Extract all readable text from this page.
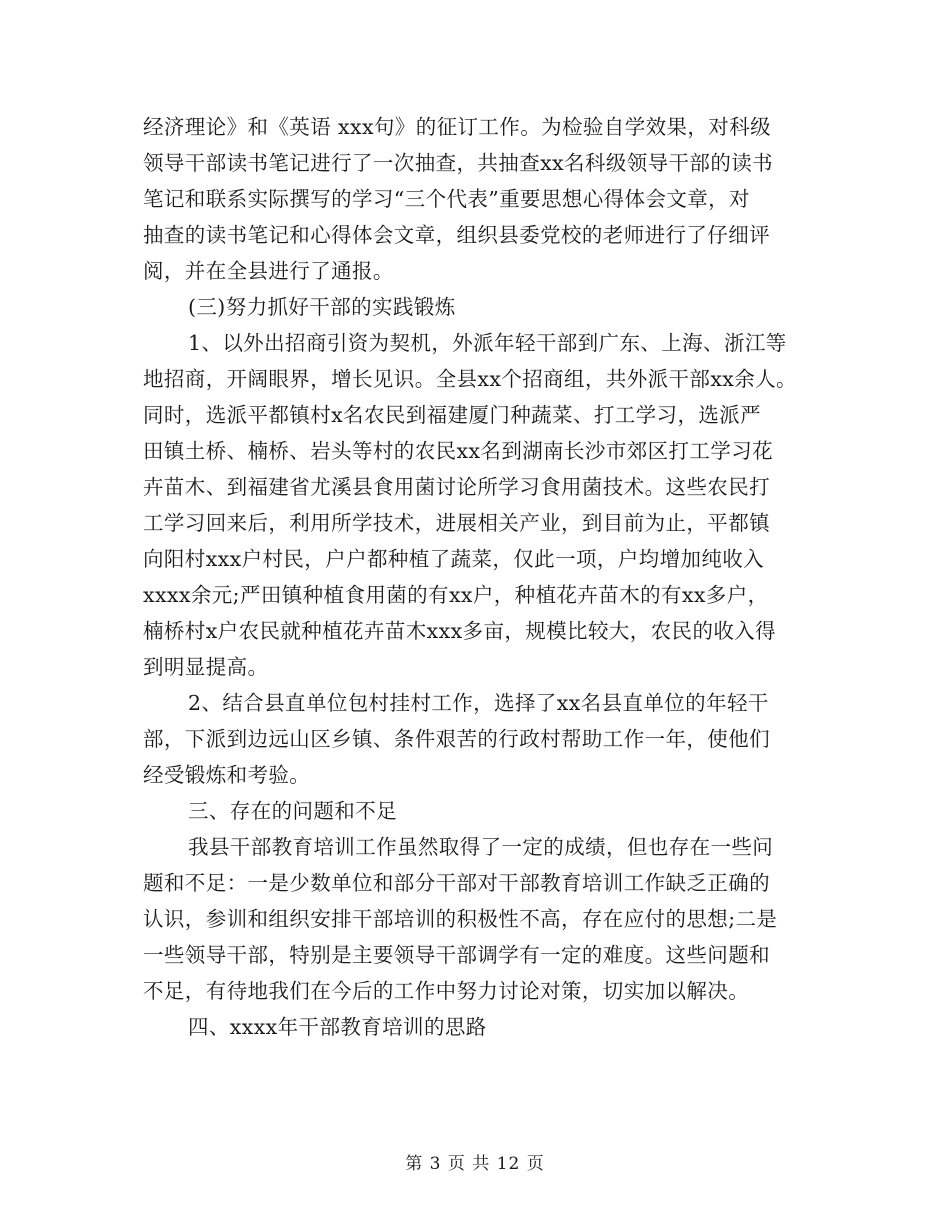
经济理论》和《英语 xxx句》的征订工作。为检验自学效果，对科级
领导干部读书笔记进行了一次抽查，共抽查xx名科级领导干部的读书
笔记和联系实际撰写的学习“三个代表”重要思想心得体会文章，对
抽查的读书笔记和心得体会文章，组织县委党校的老师进行了仔细评
阅，并在全县进行了通报。
(三)努力抓好干部的实践锻炼
1、以外出招商引资为契机，外派年轻干部到广东、上海、浙江等
地招商，开阔眼界，增长见识。全县xx个招商组，共外派干部xx余人。
同时，选派平都镇村x名农民到福建厦门种蔬菜、打工学习，选派严
田镇土桥、楠桥、岩头等村的农民xx名到湖南长沙市郊区打工学习花
卉苗木、到福建省尤溪县食用菌讨论所学习食用菌技术。这些农民打
工学习回来后，利用所学技术，进展相关产业，到目前为止，平都镇
向阳村xxx户村民，户户都种植了蔬菜，仅此一项，户均增加纯收入
xxxx余元;严田镇种植食用菌的有xx户，种植花卉苗木的有xx多户，
楠桥村x户农民就种植花卉苗木xxx多亩，规模比较大，农民的收入得
到明显提高。
2、结合县直单位包村挂村工作，选择了xx名县直单位的年轻干
部，下派到边远山区乡镇、条件艰苦的行政村帮助工作一年，使他们
经受锻炼和考验。
三、存在的问题和不足
我县干部教育培训工作虽然取得了一定的成绩，但也存在一些问
题和不足：一是少数单位和部分干部对干部教育培训工作缺乏正确的
认识，参训和组织安排干部培训的积极性不高，存在应付的思想;二是
一些领导干部，特别是主要领导干部调学有一定的难度。这些问题和
不足，有待地我们在今后的工作中努力讨论对策，切实加以解决。
四、xxxx年干部教育培训的思路
第 3 页 共 12 页
